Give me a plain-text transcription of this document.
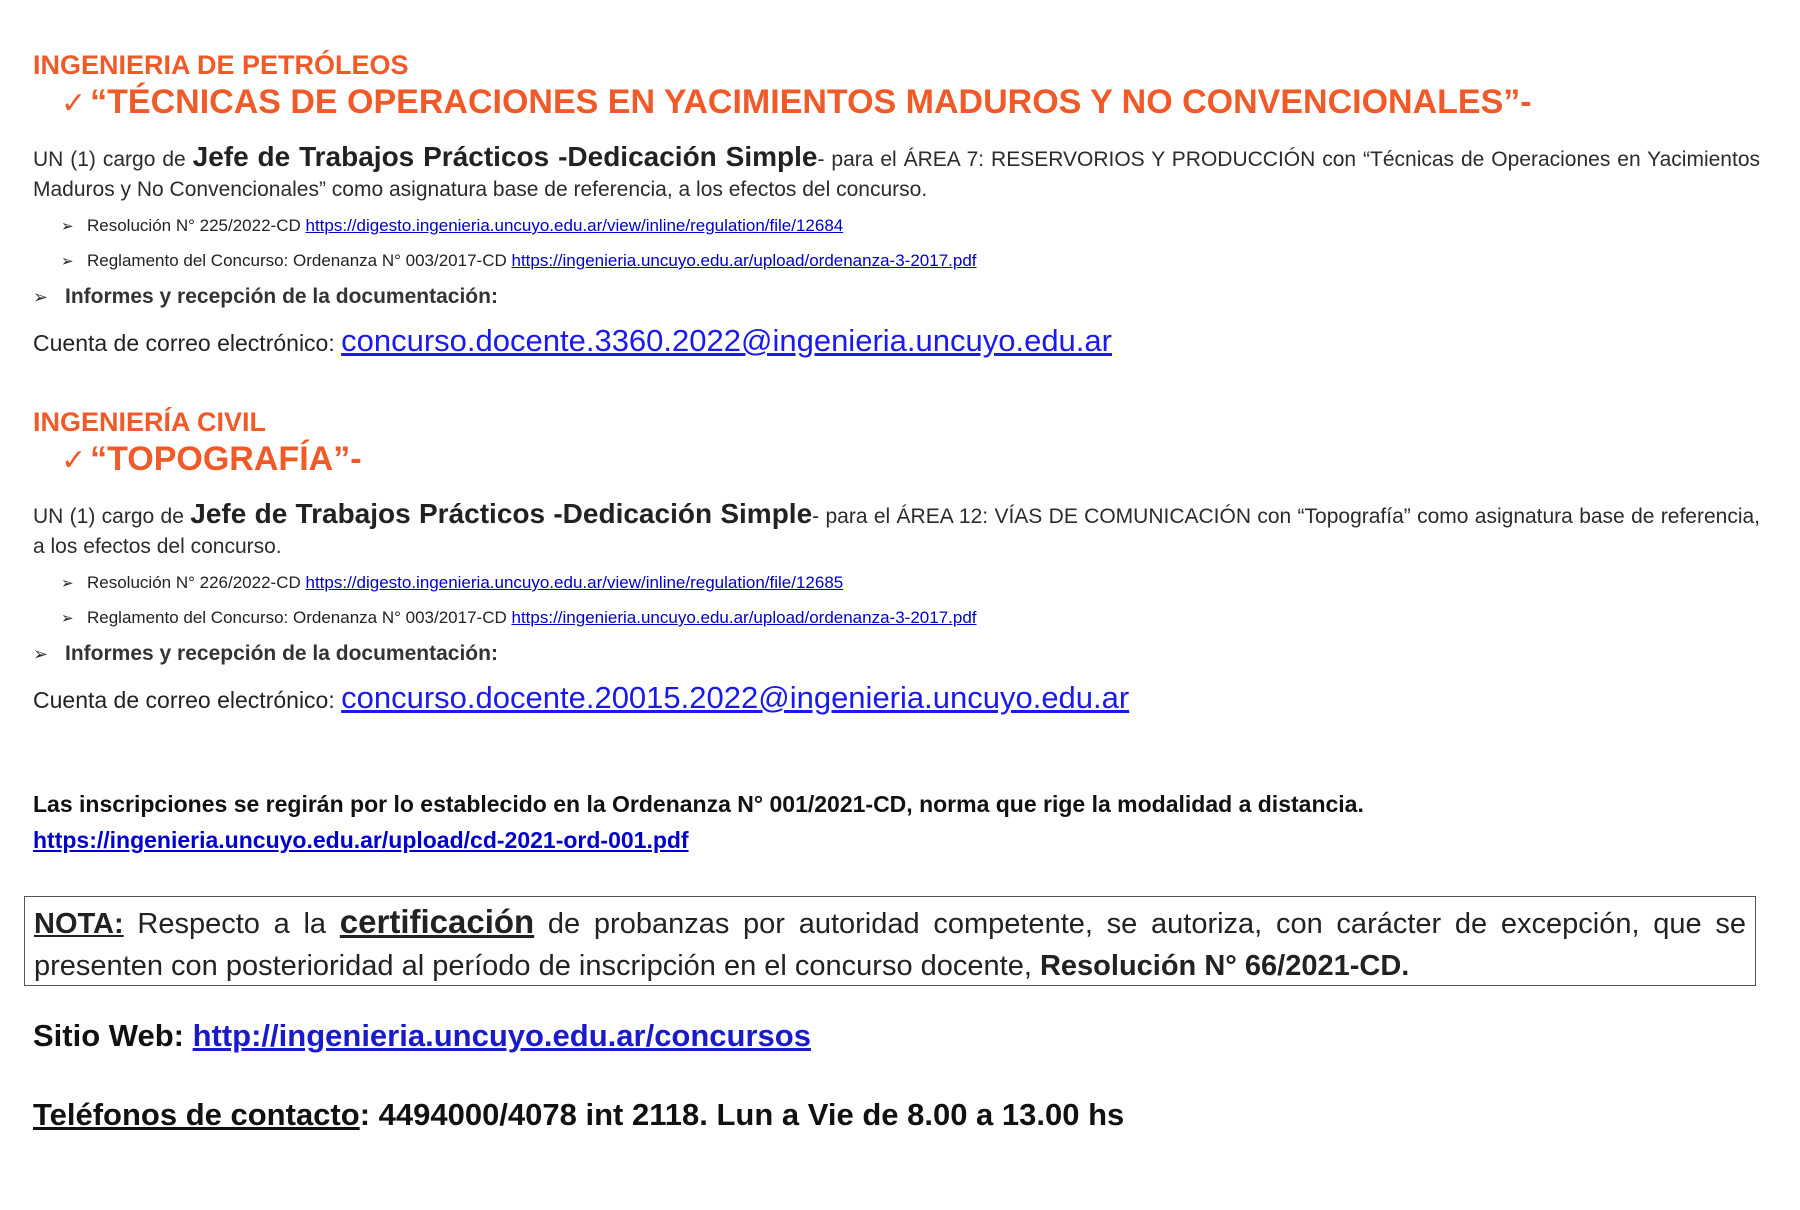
INGENIERIA DE PETRÓLEOS
✓ “TÉCNICAS DE OPERACIONES EN YACIMIENTOS MADUROS Y NO CONVENCIONALES”-

UN (1) cargo de Jefe de Trabajos Prácticos -Dedicación Simple- para el ÁREA 7: RESERVORIOS Y PRODUCCIÓN con “Técnicas de Operaciones en Yacimientos Maduros y No Convencionales” como asignatura base de referencia, a los efectos del concurso.

➢ Resolución N° 225/2022-CD https://digesto.ingenieria.uncuyo.edu.ar/view/inline/regulation/file/12684
➢ Reglamento del Concurso: Ordenanza N° 003/2017-CD https://ingenieria.uncuyo.edu.ar/upload/ordenanza-3-2017.pdf

➢ Informes y recepción de la documentación:

Cuenta de correo electrónico: concurso.docente.3360.2022@ingenieria.uncuyo.edu.ar

INGENIERÍA CIVIL
✓ “TOPOGRAFÍA”-

UN (1) cargo de Jefe de Trabajos Prácticos -Dedicación Simple- para el ÁREA 12: VÍAS DE COMUNICACIÓN con “Topografía” como asignatura base de referencia, a los efectos del concurso.

➢ Resolución N° 226/2022-CD https://digesto.ingenieria.uncuyo.edu.ar/view/inline/regulation/file/12685
➢ Reglamento del Concurso: Ordenanza N° 003/2017-CD https://ingenieria.uncuyo.edu.ar/upload/ordenanza-3-2017.pdf

➢ Informes y recepción de la documentación:

Cuenta de correo electrónico: concurso.docente.20015.2022@ingenieria.uncuyo.edu.ar

Las inscripciones se regirán por lo establecido en la Ordenanza N° 001/2021-CD, norma que rige la modalidad a distancia.
https://ingenieria.uncuyo.edu.ar/upload/cd-2021-ord-001.pdf

NOTA: Respecto a la certificación de probanzas por autoridad competente, se autoriza, con carácter de excepción, que se presenten con posterioridad al período de inscripción en el concurso docente, Resolución N° 66/2021-CD.
Sitio Web: http://ingenieria.uncuyo.edu.ar/concursos
Teléfonos de contacto: 4494000/4078 int 2118. Lun a Vie de 8.00 a 13.00 hs
